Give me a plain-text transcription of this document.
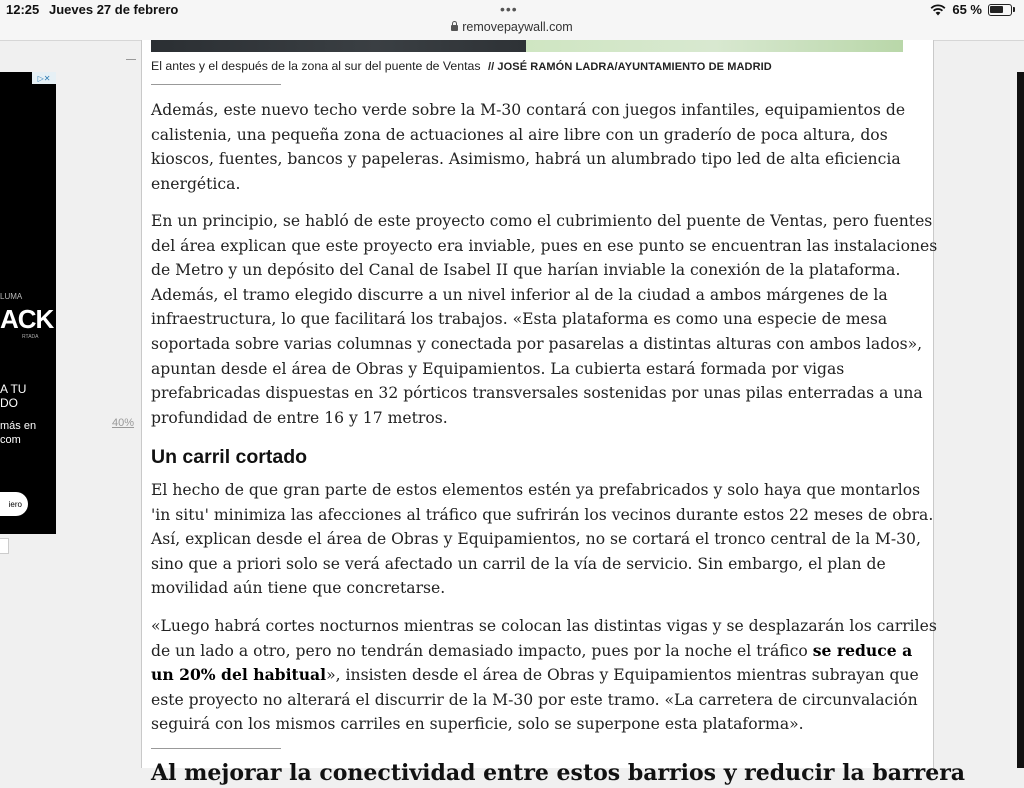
12:25 Jueves 27 de febrero	•••
removepaywall.com
65 %
▷✕
LUMA
ACK
RTADA
A TU
DO
más en
com
iero
El antes y el después de la zona al sur del puente de Ventas // JOSÉ RAMÓN LADRA/AYUNTAMIENTO DE MADRID

Además, este nuevo techo verde sobre la M-30 contará con juegos infantiles, equipamientos de
calistenia, una pequeña zona de actuaciones al aire libre con un graderío de poca altura, dos
kioscos, fuentes, bancos y papeleras. Asimismo, habrá un alumbrado tipo led de alta eficiencia
energética.

En un principio, se habló de este proyecto como el cubrimiento del puente de Ventas, pero fuentes
del área explican que este proyecto era inviable, pues en ese punto se encuentran las instalaciones
de Metro y un depósito del Canal de Isabel II que harían inviable la conexión de la plataforma.
Además, el tramo elegido discurre a un nivel inferior al de la ciudad a ambos márgenes de la
infraestructura, lo que facilitará los trabajos. «Esta plataforma es como una especie de mesa
soportada sobre varias columnas y conectada por pasarelas a distintas alturas con ambos lados»,
apuntan desde el área de Obras y Equipamientos. La cubierta estará formada por vigas
prefabricadas dispuestas en 32 pórticos transversales sostenidas por unas pilas enterradas a una
profundidad de entre 16 y 17 metros.

Un carril cortado

El hecho de que gran parte de estos elementos estén ya prefabricados y solo haya que montarlos
'in situ' minimiza las afecciones al tráfico que sufrirán los vecinos durante estos 22 meses de obra.
Así, explican desde el área de Obras y Equipamientos, no se cortará el tronco central de la M-30,
sino que a priori solo se verá afectado un carril de la vía de servicio. Sin embargo, el plan de
movilidad aún tiene que concretarse.

«Luego habrá cortes nocturnos mientras se colocan las distintas vigas y se desplazarán los carriles
de un lado a otro, pero no tendrán demasiado impacto, pues por la noche el tráfico se reduce a
un 20% del habitual», insisten desde el área de Obras y Equipamientos mientras subrayan que
este proyecto no alterará el discurrir de la M-30 por este tramo. «La carretera de circunvalación
seguirá con los mismos carriles en superficie, solo se superpone esta plataforma».

Al mejorar la conectividad entre estos barrios y reducir la barrera
40%
